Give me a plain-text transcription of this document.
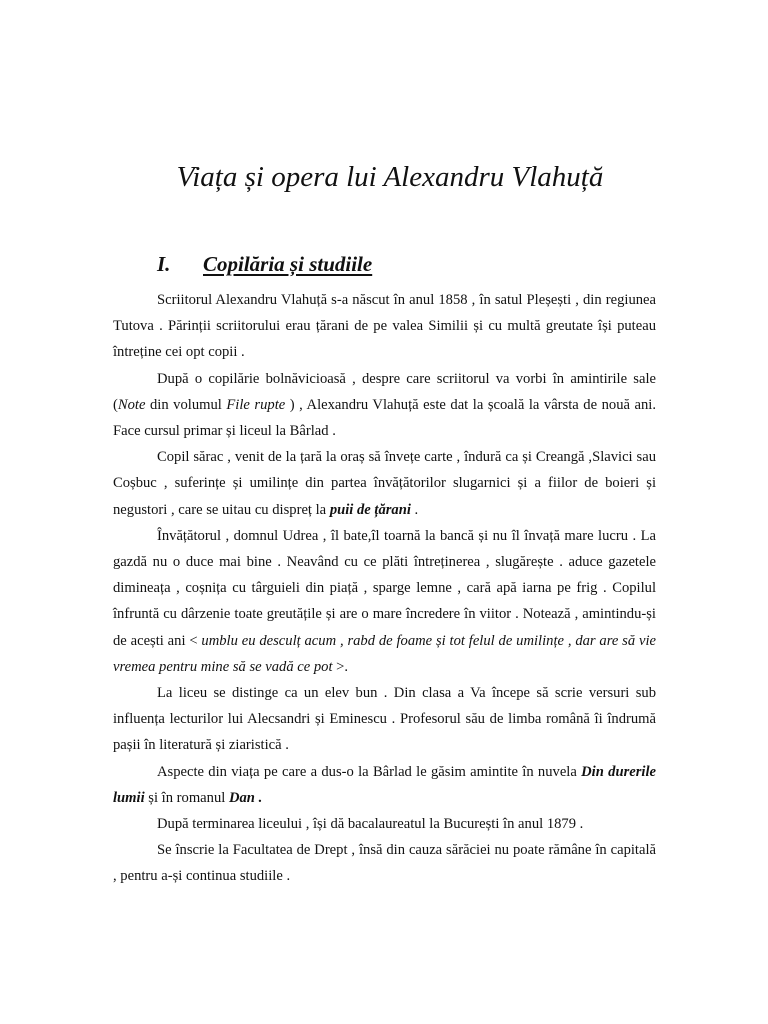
Viața și opera lui Alexandru Vlahuță
I. Copilăria și studiile

Scriitorul Alexandru Vlahuță s-a născut în anul 1858 , în satul Pleșești , din regiunea Tutova . Părinții scriitorului erau țărani de pe valea Similii și cu multă greutate își puteau întreține cei opt copii .

După o copilărie bolnăvicioasă , despre care scriitorul va vorbi în amintirile sale (Note din volumul File rupte ) , Alexandru Vlahuță este dat la școală la vârsta de nouă ani. Face cursul primar și liceul la Bârlad .

Copil sărac , venit de la țară la oraș să învețe carte , îndură ca și Creangă ,Slavici sau Coșbuc , suferințe și umilințe din partea învățătorilor slugarnici și a fiilor de boieri și negustori , care se uitau cu dispreț la puii de țărani .

Învățătorul , domnul Udrea , îl bate,îl toarnă la bancă și nu îl învață mare lucru . La gazdă nu o duce mai bine . Neavând cu ce plăti întreținerea , slugărește . aduce gazetele dimineața , coșnița cu târguieli din piață , sparge lemne , cară apă iarna pe frig . Copilul înfruntă cu dârzenie toate greutățile și are o mare încredere în viitor . Notează , amintindu-și de acești ani < umblu eu desculț acum , rabd de foame și tot felul de umilințe , dar are să vie vremea pentru mine să se vadă ce pot >.

La liceu se distinge ca un elev bun . Din clasa a Va începe să scrie versuri sub influența lecturilor lui Alecsandri și Eminescu . Profesorul său de limba română îi îndrumă pașii în literatură și ziaristică .

Aspecte din viața pe care a dus-o la Bârlad le găsim amintite în nuvela Din durerile lumii și în romanul Dan .

După terminarea liceului , își dă bacalaureatul la București în anul 1879 .

Se înscrie la Facultatea de Drept , însă din cauza sărăciei nu poate rămâne în capitală , pentru a-și continua studiile .
